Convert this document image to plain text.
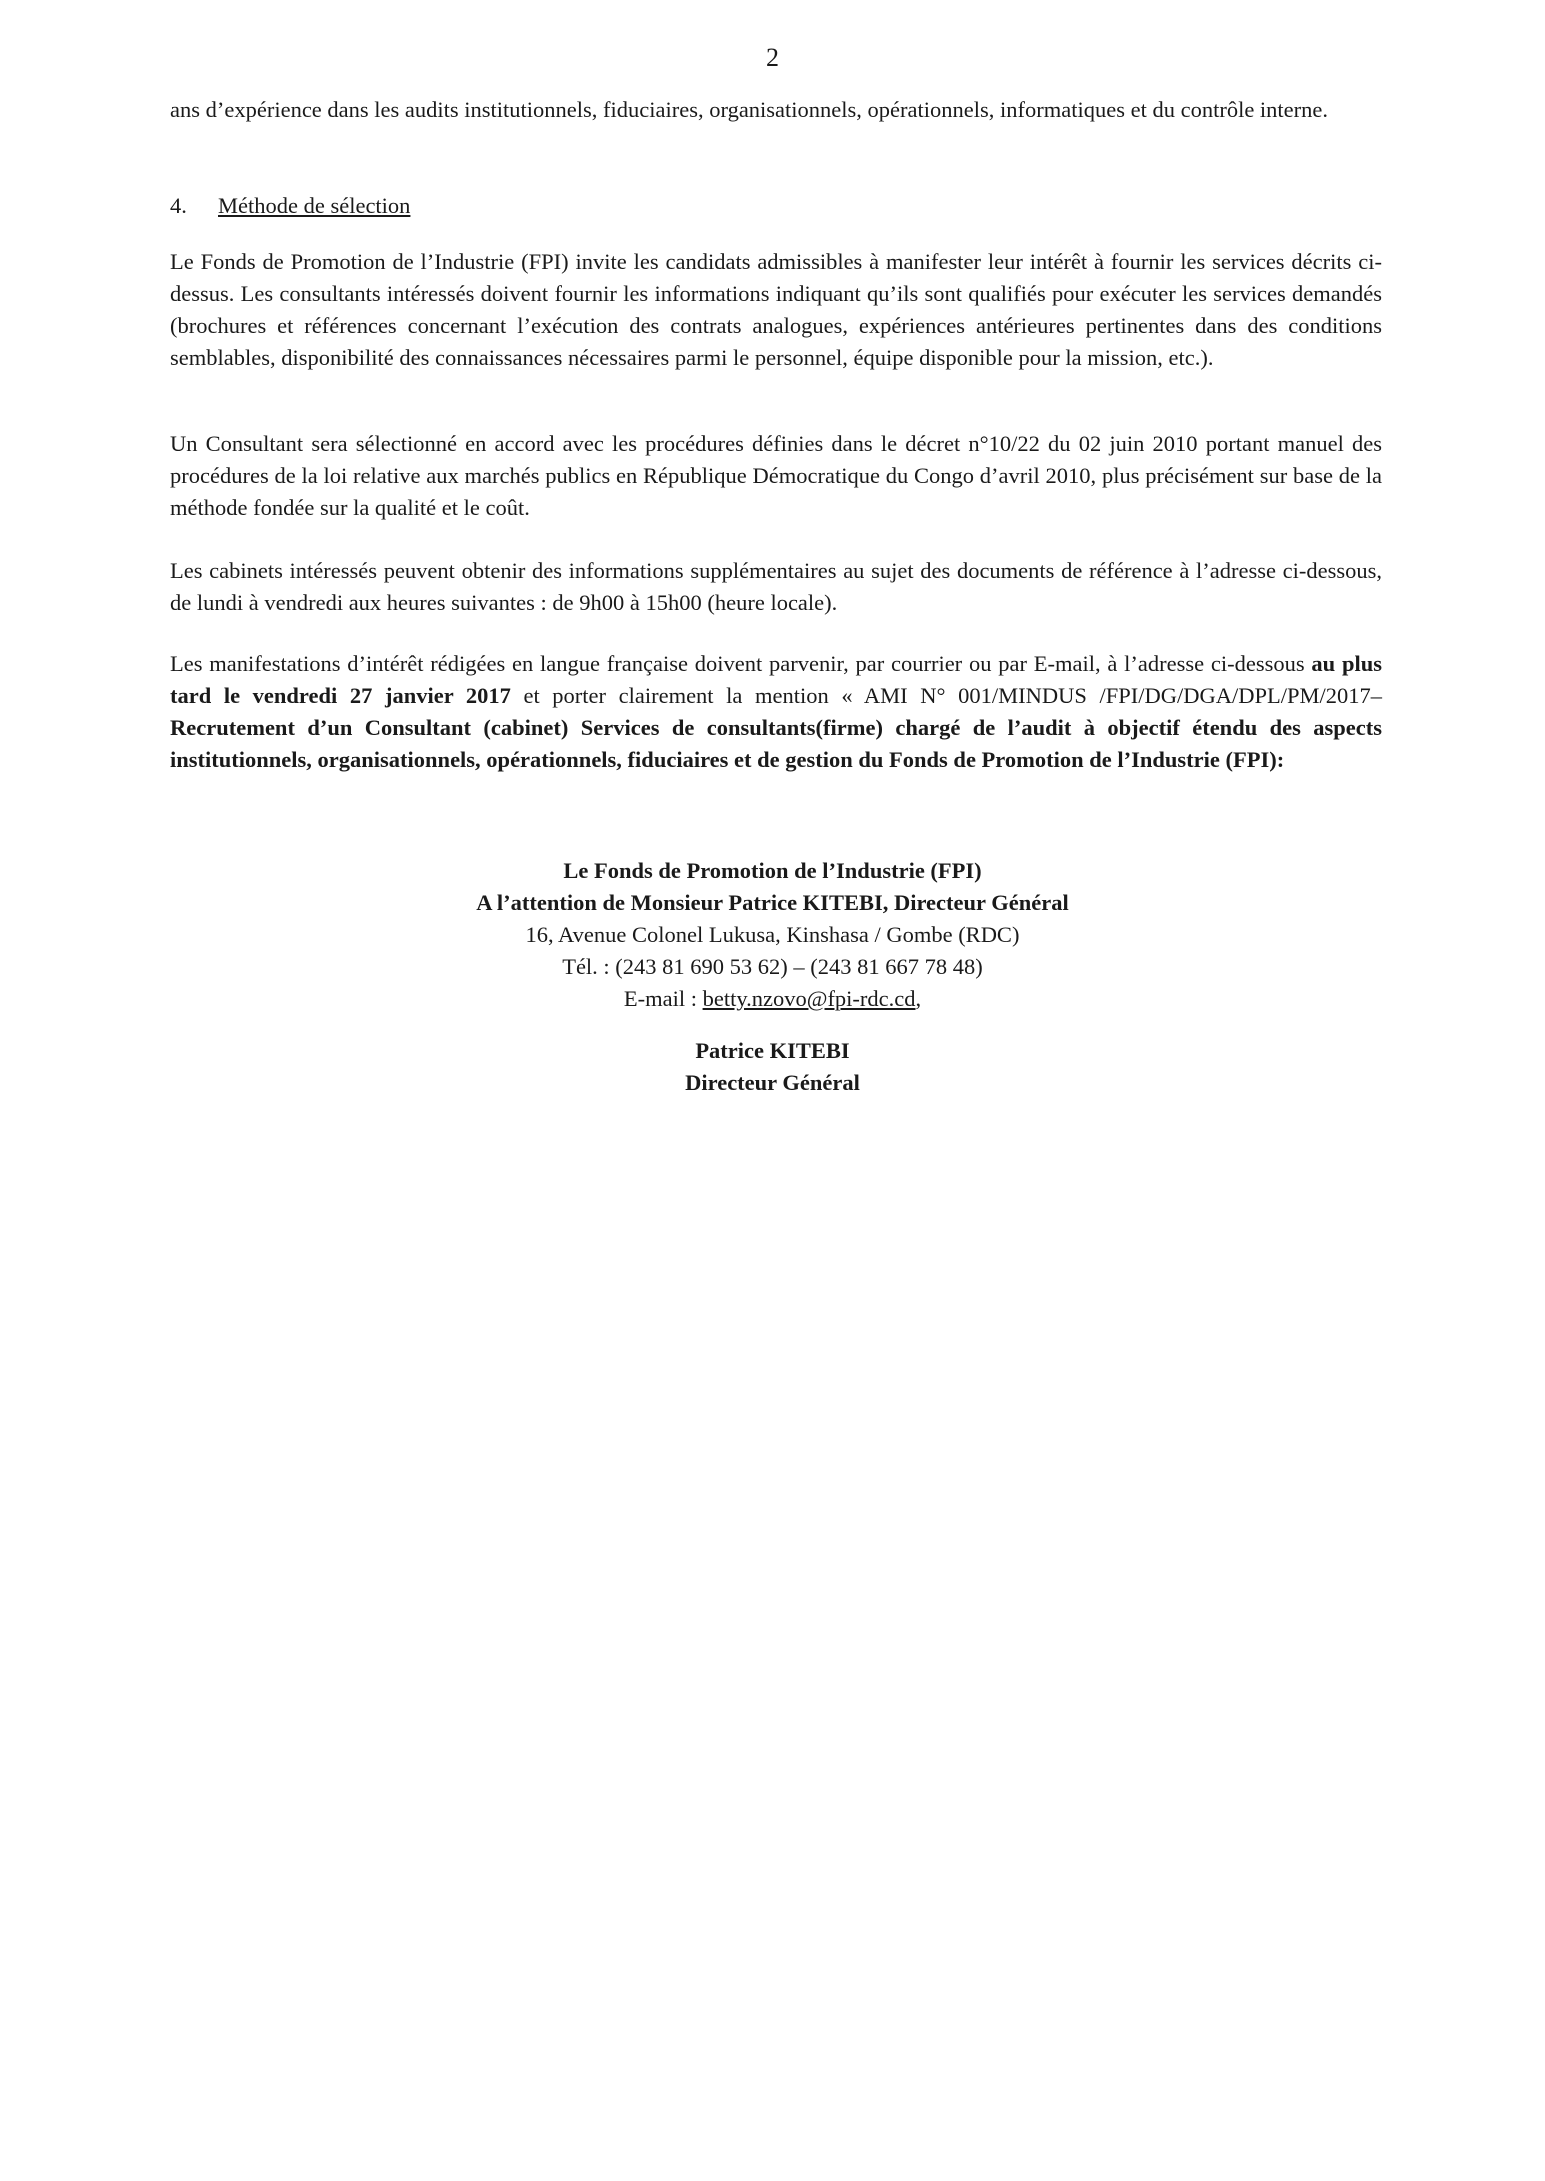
2
ans d’expérience dans les audits institutionnels, fiduciaires, organisationnels, opérationnels, informatiques et du contrôle interne.
4. Méthode de sélection
Le Fonds de Promotion de l’Industrie (FPI) invite les candidats admissibles à manifester leur intérêt à fournir les services décrits ci-dessus. Les consultants intéressés doivent fournir les informations indiquant qu’ils sont qualifiés pour exécuter les services demandés (brochures et références concernant l’exécution des contrats analogues, expériences antérieures pertinentes dans des conditions semblables, disponibilité des connaissances nécessaires parmi le personnel, équipe disponible pour la mission, etc.).
Un Consultant sera sélectionné en accord avec les procédures définies dans le décret n°10/22 du 02 juin 2010 portant manuel des procédures de la loi relative aux marchés publics en République Démocratique du Congo d’avril 2010, plus précisément sur base de la méthode fondée sur la qualité et le coût.
Les cabinets intéressés peuvent obtenir des informations supplémentaires au sujet des documents de référence à l’adresse ci-dessous, de lundi à vendredi aux heures suivantes : de 9h00 à 15h00 (heure locale).
Les manifestations d’intérêt rédigées en langue française doivent parvenir, par courrier ou par E-mail, à l’adresse ci-dessous au plus tard le vendredi 27 janvier 2017 et porter clairement la mention « AMI N° 001/MINDUS /FPI/DG/DGA/DPL/PM/2017– Recrutement d’un Consultant (cabinet) Services de consultants(firme) chargé de l’audit à objectif étendu des aspects institutionnels, organisationnels, opérationnels, fiduciaires et de gestion du Fonds de Promotion de l’Industrie (FPI):
Le Fonds de Promotion de l’Industrie (FPI)
A l’attention de Monsieur Patrice KITEBI, Directeur Général
16, Avenue Colonel Lukusa, Kinshasa / Gombe (RDC)
Tél. : (243 81 690 53 62) – (243 81 667 78 48)
E-mail : betty.nzovo@fpi-rdc.cd,
Patrice KITEBI
Directeur Général
